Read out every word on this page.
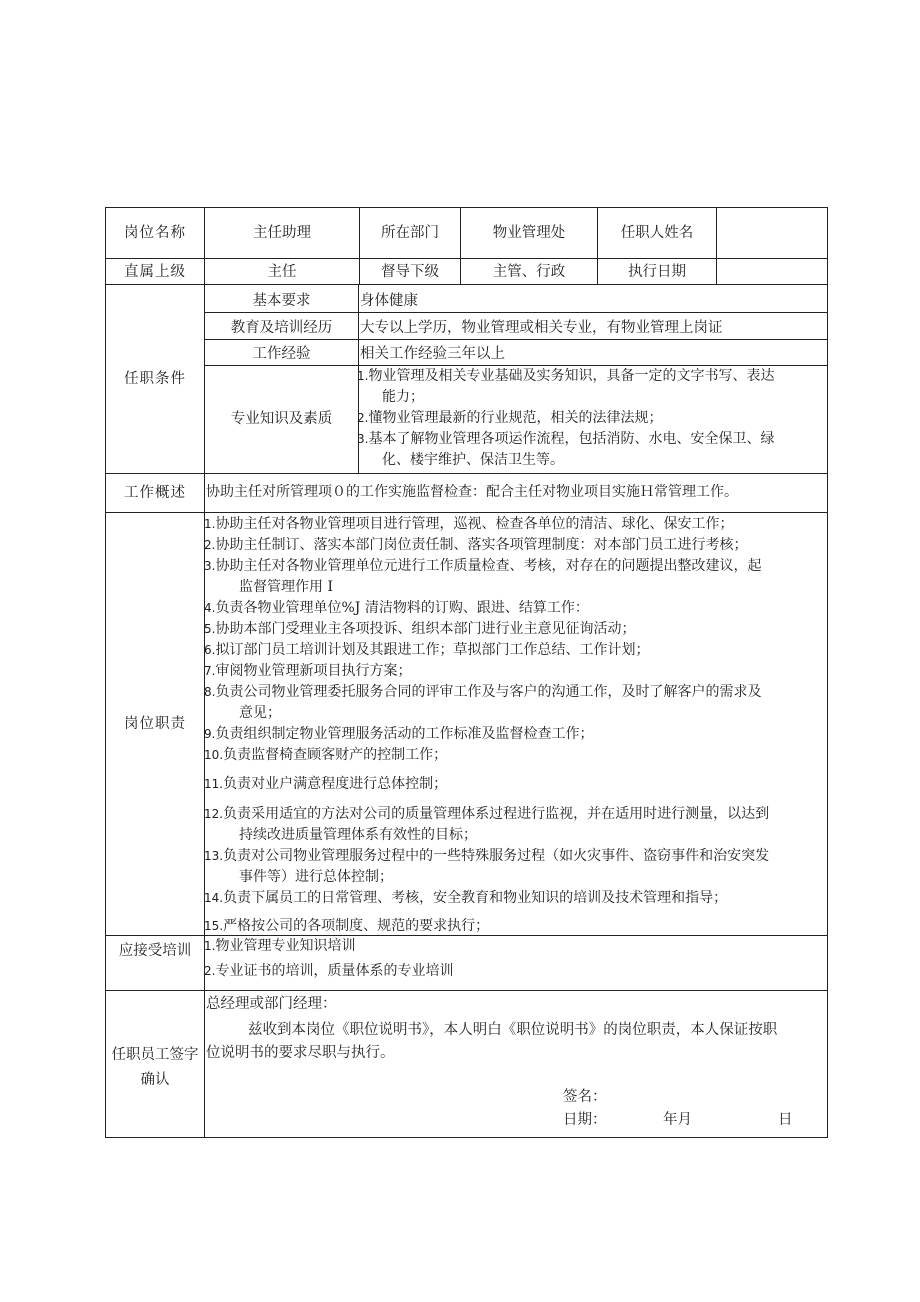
岗位名称	主任助理	所在部门	物业管理处	任职人姓名
直属上级	主任	督导下级	主管、行政	执行日期
任职条件
基本要求	身体健康
教育及培训经历	大专以上学历，物业管理或相关专业，有物业管理上岗证
工作经验	相关工作经验三年以上
专业知识及素质
1.物业管理及相关专业基础及实务知识，具备一定的文字书写、表达
能力；
2.懂物业管理最新的行业规范，相关的法律法规；
3.基本了解物业管理各项运作流程，包括消防、水电、安全保卫、绿
化、楼宇维护、保洁卫生等。
工作概述	协助主任对所管理项０的工作实施监督检查：配合主任对物业项目实施Ｈ常管理工作。
岗位职责
1.协助主任对各物业管理项目进行管理，巡视、检查各单位的清洁、球化、保安工作；
2.协助主任制订、落实本部门岗位责任制、落实各项管理制度：对本部门员工进行考核；
3.协助主任对各物业管理单位元进行工作质量检查、考核，对存在的问题提出整改建议，起
监督管理作用 I
4.负责各物业管理单位%J 清洁物料的订购、跟进、结算工作：
5.协助本部门受理业主各项投诉、组织本部门进行业主意见征询活动；
6.拟订部门员工培训计划及其跟进工作；草拟部门工作总结、工作计划；
7.审阅物业管理新项目执行方案；
8.负责公司物业管理委托服务合同的评审工作及与客户的沟通工作，及时了解客户的需求及
意见；
9.负责组织制定物业管理服务活动的工作标准及监督检查工作；
10.负责监督椅查顾客财产的控制工作；
11.负责对业户满意程度进行总体控制；
12.负责采用适宜的方法对公司的质量管理体系过程进行监视，并在适用时进行测量，以达到
持续改进质量管理体系有效性的目标；
13.负责对公司物业管理服务过程中的一些特殊服务过程（如火灾事件、盗窃事件和治安突发
事件等）进行总体控制；
14.负责下属员工的日常管理、考核，安全教育和物业知识的培训及技术管理和指导；
15.严格按公司的各项制度、规范的要求执行；
应接受培训	1.物业管理专业知识培训
2.专业证书的培训，质量体系的专业培训
任职员工签字
确认
总经理或部门经理：
兹收到本岗位《职位说明书》，本人明白《职位说明书》的岗位职责，本人保证按职
位说明书的要求尽职与执行。
签名：
日期：	年月	日
